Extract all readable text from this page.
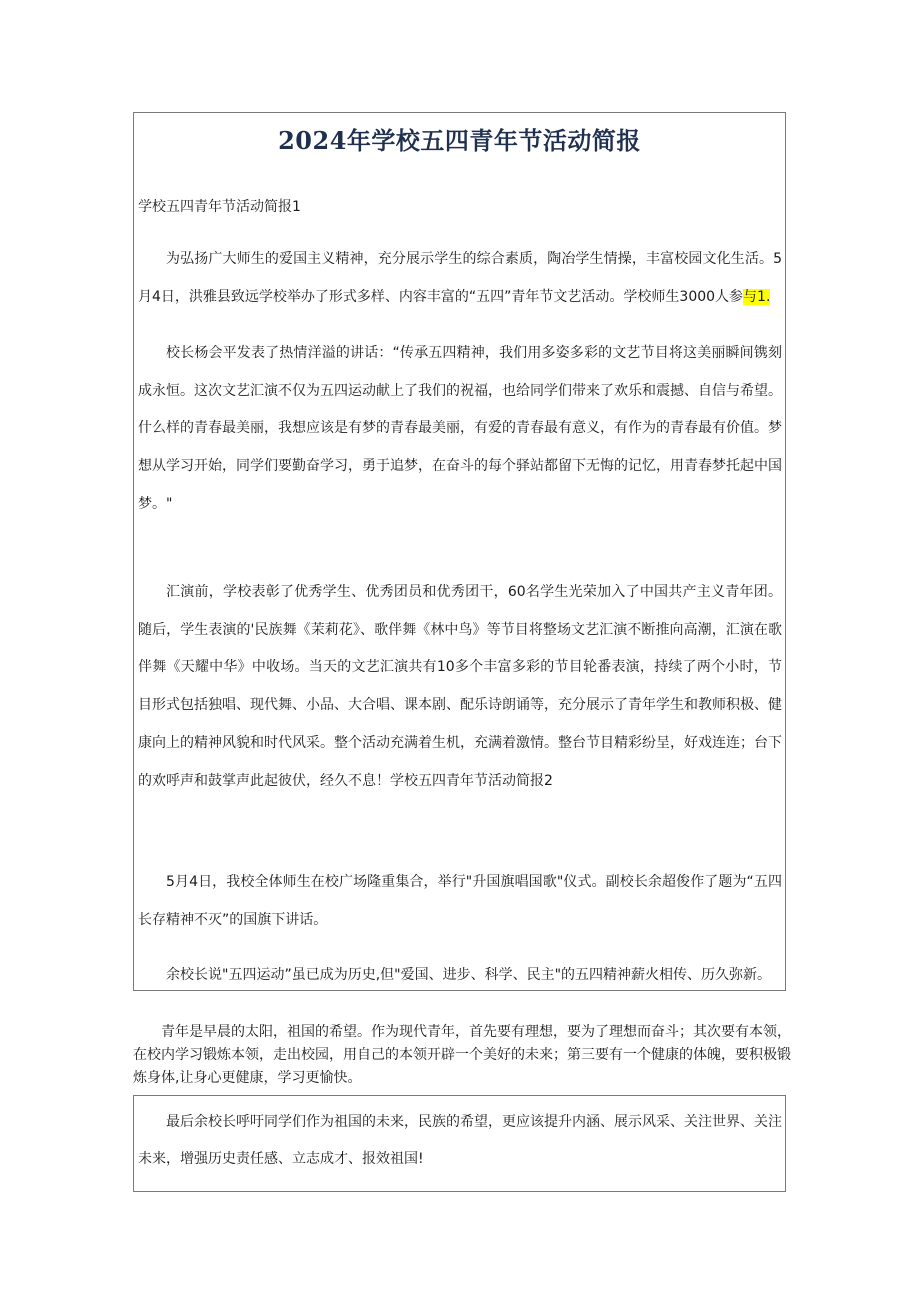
2024年学校五四青年节活动简报
学校五四青年节活动简报1

为弘扬广大师生的爱国主义精神，充分展示学生的综合素质，陶冶学生情操，丰富校园文化生活。5月4日，洪雅县致远学校举办了形式多样、内容丰富的“五四”青年节文艺活动。学校师生3000人参与1.

校长杨会平发表了热情洋溢的讲话：“传承五四精神，我们用多姿多彩的文艺节目将这美丽瞬间镌刻成永恒。这次文艺汇演不仅为五四运动献上了我们的祝福，也给同学们带来了欢乐和震撼、自信与希望。什么样的青春最美丽，我想应该是有梦的青春最美丽，有爱的青春最有意义，有作为的青春最有价值。梦想从学习开始，同学们要勤奋学习，勇于追梦，在奋斗的每个驿站都留下无悔的记忆，用青春梦托起中国梦。"

汇演前，学校表彰了优秀学生、优秀团员和优秀团干，60名学生光荣加入了中国共产主义青年团。随后，学生表演的'民族舞《茉莉花》、歌伴舞《林中鸟》等节目将整场文艺汇演不断推向高潮，汇演在歌伴舞《天耀中华》中收场。当天的文艺汇演共有10多个丰富多彩的节目轮番表演，持续了两个小时，节目形式包括独唱、现代舞、小品、大合唱、课本剧、配乐诗朗诵等，充分展示了青年学生和教师积极、健康向上的精神风貌和时代风采。整个活动充满着生机，充满着激情。整台节目精彩纷呈，好戏连连；台下的欢呼声和鼓掌声此起彼伏，经久不息！学校五四青年节活动简报2

5月4日，我校全体师生在校广场隆重集合，举行"升国旗唱国歌"仪式。副校长余超俊作了题为“五四长存精神不灭”的国旗下讲话。

余校长说"五四运动”虽已成为历史,但"爱国、进步、科学、民主"的五四精神薪火相传、历久弥新。

青年是早晨的太阳，祖国的希望。作为现代青年，首先要有理想，要为了理想而奋斗；其次要有本领，在校内学习锻炼本领，走出校园，用自己的本领开辟一个美好的未来；第三要有一个健康的体魄，要积极锻炼身体,让身心更健康，学习更愉快。

最后余校长呼吁同学们作为祖国的未来，民族的希望，更应该提升内涵、展示风采、关注世界、关注未来，增强历史责任感、立志成才、报效祖国!
